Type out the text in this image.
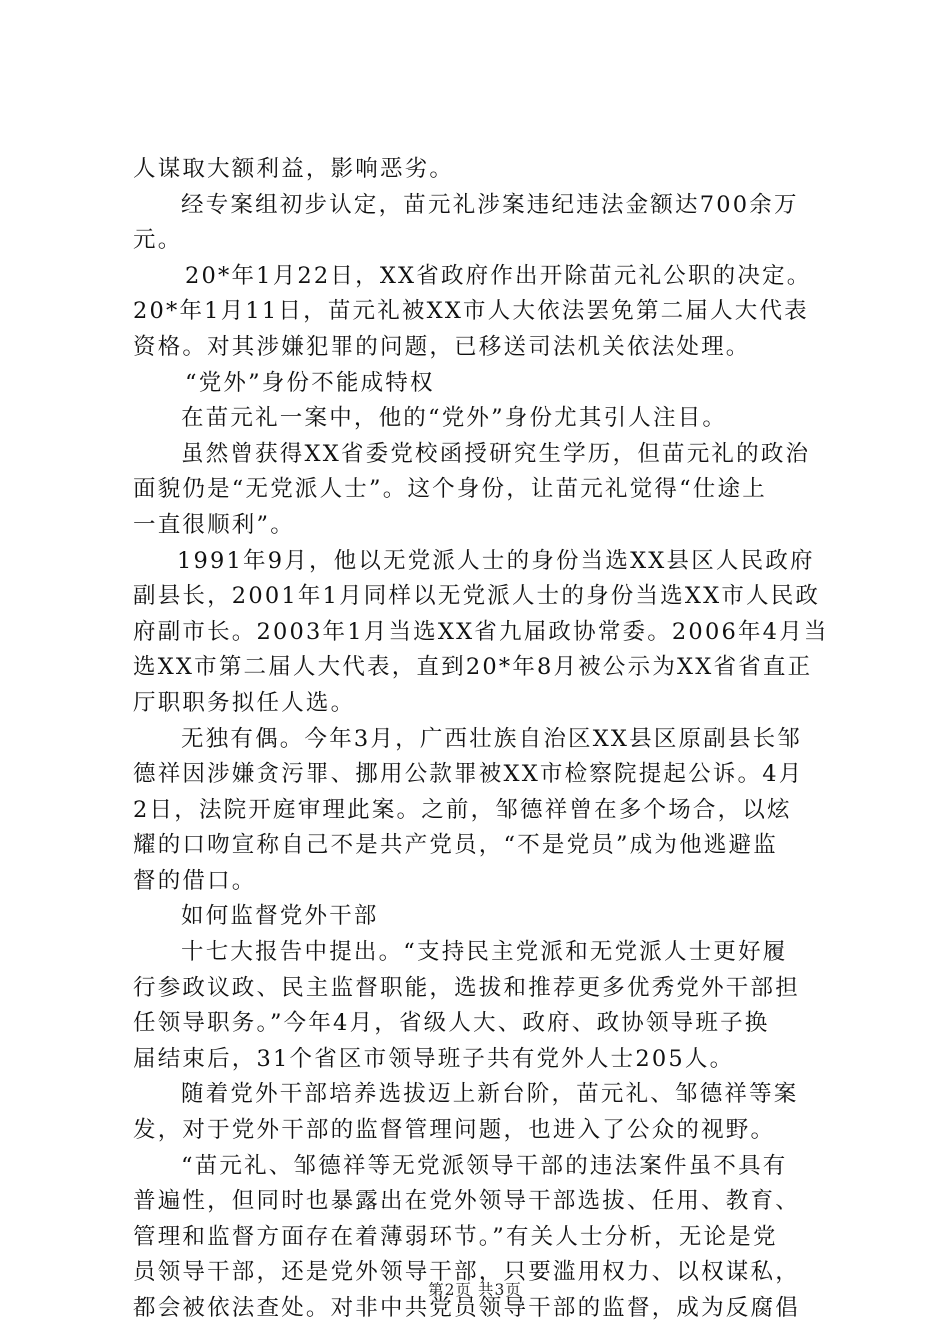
人谋取大额利益，影响恶劣。
经专案组初步认定，苗元礼涉案违纪违法金额达700余万
元。
20*年1月22日，XX省政府作出开除苗元礼公职的决定。
20*年1月11日，苗元礼被XX市人大依法罢免第二届人大代表
资格。对其涉嫌犯罪的问题，已移送司法机关依法处理。
“党外”身份不能成特权
在苗元礼一案中，他的“党外”身份尤其引人注目。
虽然曾获得XX省委党校函授研究生学历，但苗元礼的政治
面貌仍是“无党派人士”。这个身份，让苗元礼觉得“仕途上
一直很顺利”。
1991年9月，他以无党派人士的身份当选XX县区人民政府
副县长，2001年1月同样以无党派人士的身份当选XX市人民政
府副市长。2003年1月当选XX省九届政协常委。2006年4月当
选XX市第二届人大代表，直到20*年8月被公示为XX省省直正
厅职职务拟任人选。
无独有偶。今年3月，广西壮族自治区XX县区原副县长邹
德祥因涉嫌贪污罪、挪用公款罪被XX市检察院提起公诉。4月
2日，法院开庭审理此案。之前，邹德祥曾在多个场合，以炫
耀的口吻宣称自己不是共产党员，“不是党员”成为他逃避监
督的借口。
如何监督党外干部
十七大报告中提出。“支持民主党派和无党派人士更好履
行参政议政、民主监督职能，选拔和推荐更多优秀党外干部担
任领导职务。”今年4月，省级人大、政府、政协领导班子换
届结束后，31个省区市领导班子共有党外人士205人。
随着党外干部培养选拔迈上新台阶，苗元礼、邹德祥等案
发，对于党外干部的监督管理问题，也进入了公众的视野。
“苗元礼、邹德祥等无党派领导干部的违法案件虽不具有
普遍性，但同时也暴露出在党外领导干部选拔、任用、教育、
管理和监督方面存在着薄弱环节。”有关人士分析，无论是党
员领导干部，还是党外领导干部，只要滥用权力、以权谋私，
都会被依法查处。对非中共党员领导干部的监督，成为反腐倡
第2页 共3页
